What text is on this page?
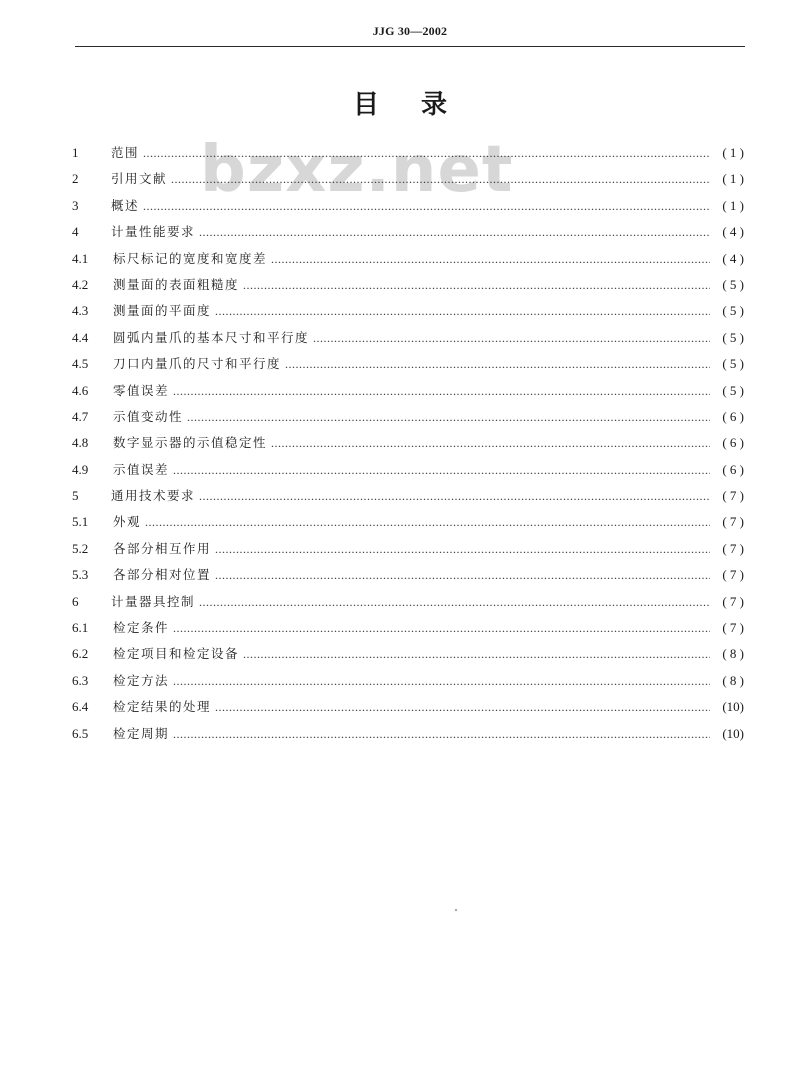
JJG 30—2002
目录
bzxz.net
1	范围 .....	( 1 )
2	引用文献 .....	( 1 )
3	概述 .....	( 1 )
4	计量性能要求 .....	( 4 )
4.1	标尺标记的宽度和宽度差 .....	( 4 )
4.2	测量面的表面粗糙度 .....	( 5 )
4.3	测量面的平面度 .....	( 5 )
4.4	圆弧内量爪的基本尺寸和平行度 .....	( 5 )
4.5	刀口内量爪的尺寸和平行度 .....	( 5 )
4.6	零值误差 .....	( 5 )
4.7	示值变动性 .....	( 6 )
4.8	数字显示器的示值稳定性 .....	( 6 )
4.9	示值误差 .....	( 6 )
5	通用技术要求 .....	( 7 )
5.1	外观 .....	( 7 )
5.2	各部分相互作用 .....	( 7 )
5.3	各部分相对位置 .....	( 7 )
6	计量器具控制 .....	( 7 )
6.1	检定条件 .....	( 7 )
6.2	检定项目和检定设备 .....	( 8 )
6.3	检定方法 .....	( 8 )
6.4	检定结果的处理 .....	(10)
6.5	检定周期 .....	(10)
